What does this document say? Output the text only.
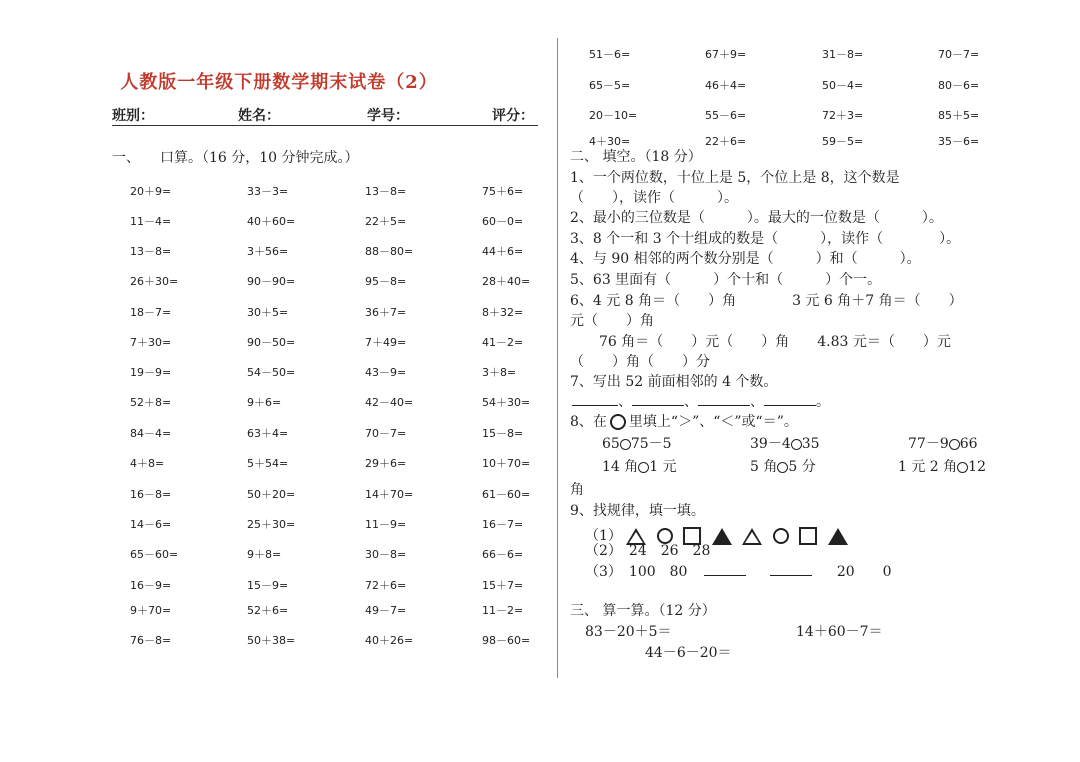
人教版一年级下册数学期末试卷（2）
班别：	姓名：	学号：	评分：
一、 口算。（16 分，10 分钟完成。）
20＋9=	33－3=	13－8=	75＋6=
11－4=	40＋60=	22＋5=	60－0=
13－8=	3＋56=	88－80=	44＋6=
26＋30=	90－90=	95－8=	28＋40=
18－7=	30＋5=	36＋7=	8＋32=
7＋30=	90－50=	7＋49=	41－2=
19－9=	54－50=	43－9=	3＋8=
52＋8=	9＋6=	42－40=	54＋30=
84－4=	63＋4=	70－7=	15－8=
4＋8=	5＋54=	29＋6=	10＋70=
16－8=	50＋20=	14＋70=	61－60=
14－6=	25＋30=	11－9=	16－7=
65－60=	9＋8=	30－8=	66－6=
16－9=	15－9=	72＋6=	15＋7=
9＋70=	52＋6=	49－7=	11－2=
76－8=	50＋38=	40＋26=	98－60=
51－6=	67＋9=	31－8=	70－7=
65－5=	46＋4=	50－4=	80－6=
20－10=	55－6=	72＋3=	85＋5=
4＋30=	22＋6=	59－5=	35－6=
二、 填空。（18 分）
1、一个两位数，十位上是 5，个位上是 8，这个数是
（　　），读作（　　　）。
2、最小的三位数是（　　　）。最大的一位数是（　　　）。
3、8 个一和 3 个十组成的数是（　　　），读作（　　　　）。
4、与 90 相邻的两个数分别是（　　　）和（　　　）。
5、63 里面有（　　　）个十和（　　　）个一。
6、4 元 8 角＝（　　）角　　　　3 元 6 角＋7 角＝（　　）
元（　　）角
　76 角＝（　　）元（　　）角　　4.83 元＝（　　）元
（　　）角（　　）分
7、写出 52 前面相邻的 4 个数。
、	、	、	。
8、在 里填上“＞”、“＜”或“＝”。
65 75－5	39－4 35	77－9 66
14 角 1 元	5 角 5 分	1 元 2 角 12
角
9、找规律，填一填。
（1）
（2）　24　26　28
（3）　100　80	20　　0
三、 算一算。（12 分）
83－20＋5＝	14＋60－7＝
44－6－20＝
